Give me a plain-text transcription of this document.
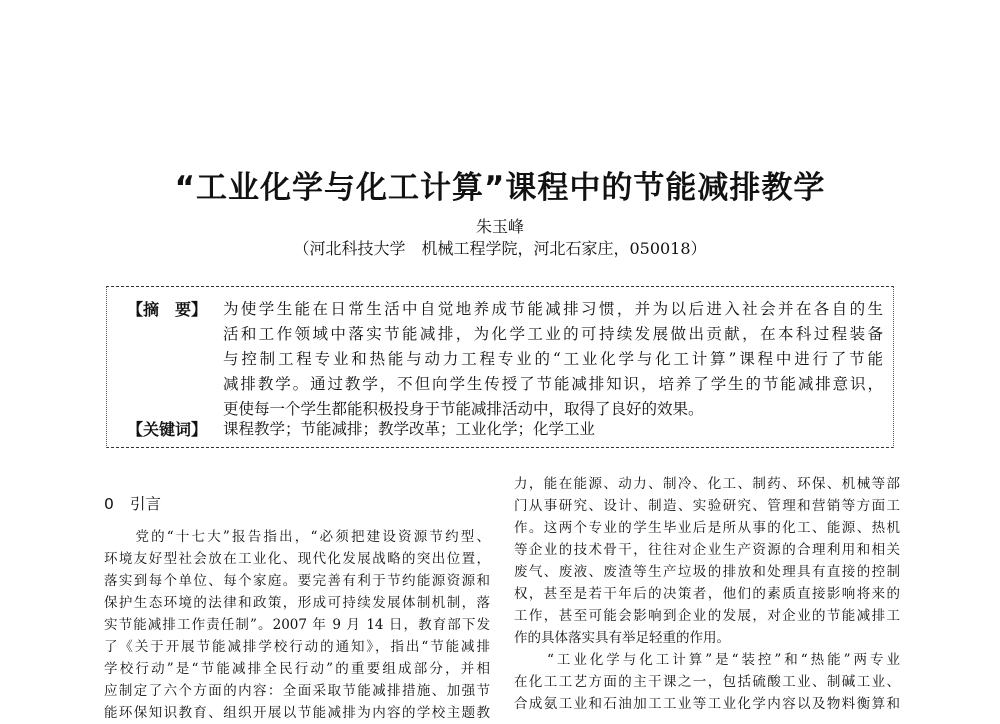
“工业化学与化工计算”课程中的节能减排教学
朱玉峰
（河北科技大学　机械工程学院，河北石家庄，050018）
【摘　要】 为使学生能在日常生活中自觉地养成节能减排习惯，并为以后进入社会并在各自的生
活和工作领域中落实节能减排，为化学工业的可持续发展做出贡献，在本科过程装备
与控制工程专业和热能与动力工程专业的“工业化学与化工计算”课程中进行了节能
减排教学。通过教学，不但向学生传授了节能减排知识，培养了学生的节能减排意识，
更使每一个学生都能积极投身于节能减排活动中，取得了良好的效果。
【关键词】 课程教学；节能减排；教学改革；工业化学；化学工业
0 引言
　　党的“十七大”报告指出，“必须把建设资源节约型、
环境友好型社会放在工业化、现代化发展战略的突出位置，
落实到每个单位、每个家庭。要完善有利于节约能源资源和
保护生态环境的法律和政策，形成可持续发展体制机制，落
实节能减排工作责任制”。2007 年 9 月 14 日，教育部下发
了《关于开展节能减排学校行动的通知》，指出“节能减排
学校行动”是“节能减排全民行动”的重要组成部分，并相
应制定了六个方面的内容：全面采取节能减排措施、加强节
能环保知识教育、组织开展以节能减排为内容的学校主题教
力，能在能源、动力、制冷、化工、制药、环保、机械等部
门从事研究、设计、制造、实验研究、管理和营销等方面工
作。这两个专业的学生毕业后是所从事的化工、能源、热机
等企业的技术骨干，往往对企业生产资源的合理利用和相关
废气、废液、废渣等生产垃圾的排放和处理具有直接的控制
权，甚至是若干年后的决策者，他们的素质直接影响将来的
工作，甚至可能会影响到企业的发展，对企业的节能减排工
作的具体落实具有举足轻重的作用。
　　“工业化学与化工计算”是“装控”和“热能”两专业
在化工工艺方面的主干课之一，包括硫酸工业、制碱工业、
合成氨工业和石油加工工业等工业化学内容以及物料衡算和
